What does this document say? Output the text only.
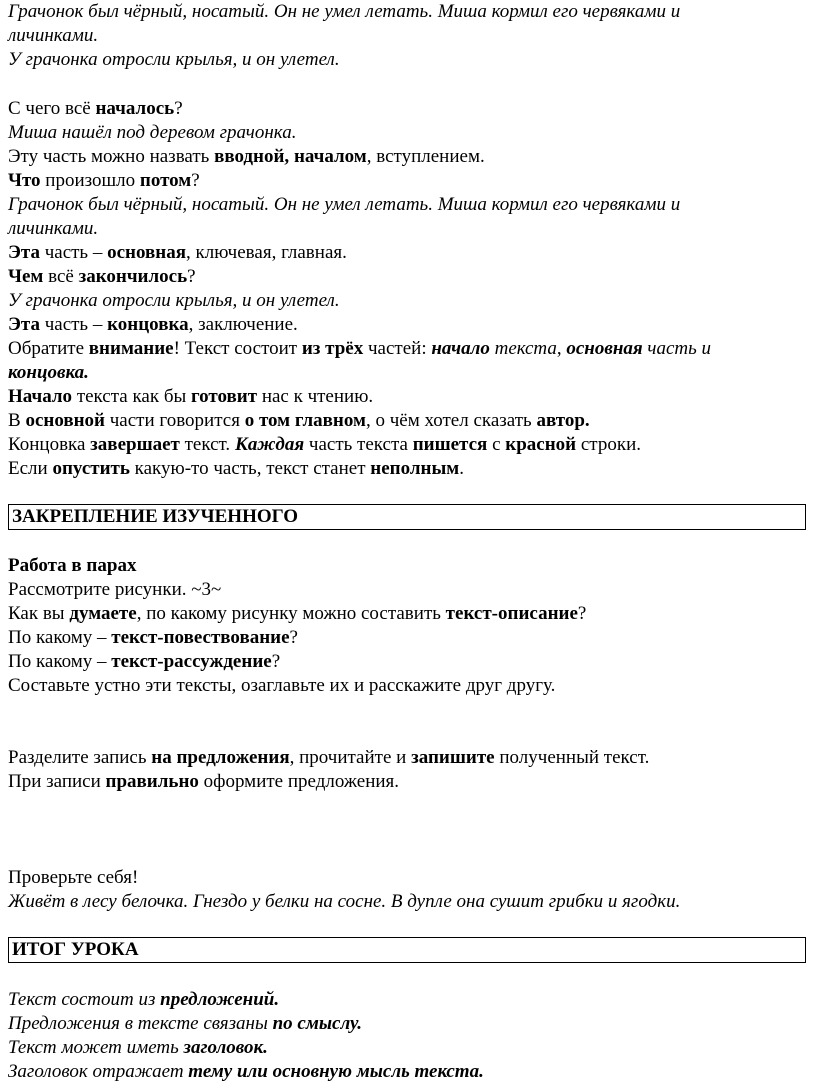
Грачонок был чёрный, носатый. Он не умел летать. Миша кормил его червяками и
личинками.
У грачонка отросли крылья, и он улетел.
С чего всё началось?
Миша нашёл под деревом грачонка.
Эту часть можно назвать вводной, началом, вступлением.
Что произошло потом?
Грачонок был чёрный, носатый. Он не умел летать. Миша кормил его червяками и
личинками.
Эта часть – основная, ключевая, главная.
Чем всё закончилось?
У грачонка отросли крылья, и он улетел.
Эта часть – концовка, заключение.
Обратите внимание! Текст состоит из трёх частей: начало текста, основная часть и
концовка.
Начало текста как бы готовит нас к чтению.
В основной части говорится о том главном, о чём хотел сказать автор.
Концовка завершает текст. Каждая часть текста пишется с красной строки.
Если опустить какую-то часть, текст станет неполным.
ЗАКРЕПЛЕНИЕ ИЗУЧЕННОГО
Работа в парах
Рассмотрите рисунки. ~3~
Как вы думаете, по какому рисунку можно составить текст-описание?
По какому – текст-повествование?
По какому – текст-рассуждение?
Составьте устно эти тексты, озаглавьте их и расскажите друг другу.
Разделите запись на предложения, прочитайте и запишите полученный текст.
При записи правильно оформите предложения.
Проверьте себя!
Живёт в лесу белочка. Гнездо у белки на сосне. В дупле она сушит грибки и ягодки.
ИТОГ УРОКА
Текст состоит из предложений.
Предложения в тексте связаны по смыслу.
Текст может иметь заголовок.
Заголовок отражает тему или основную мысль текста.
